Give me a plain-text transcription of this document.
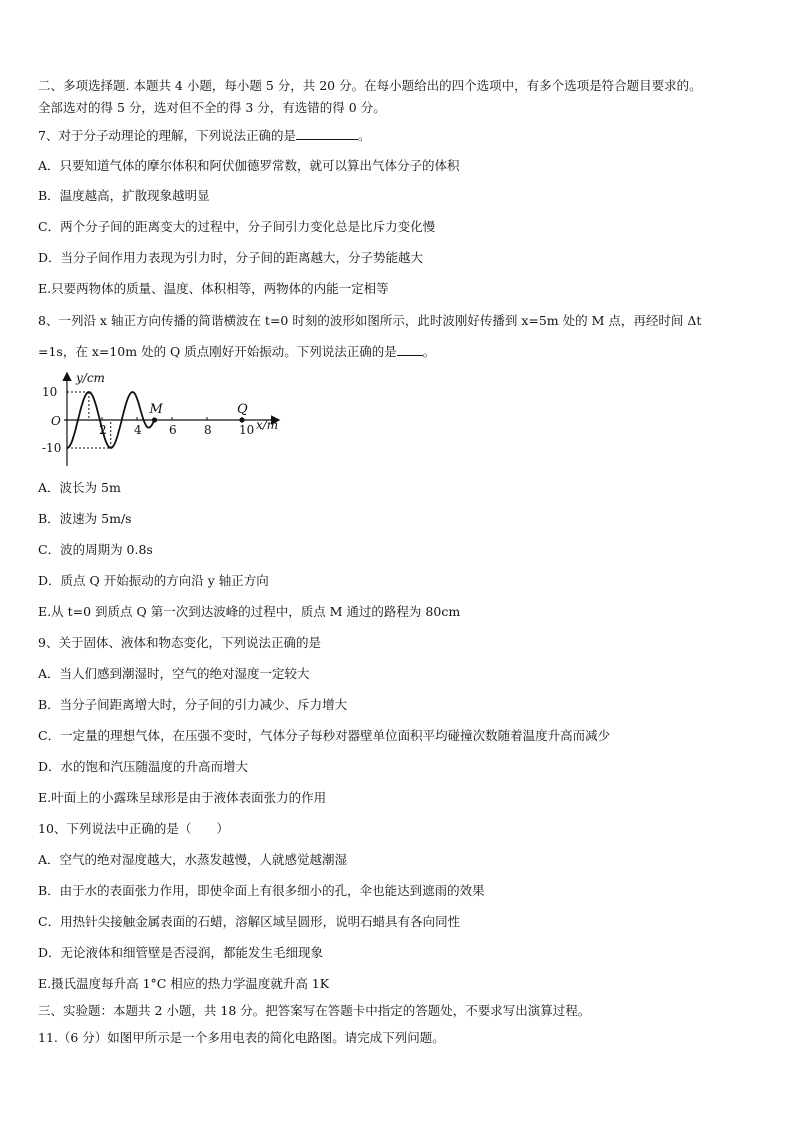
二、多项选择题. 本题共 4 小题，每小题 5 分，共 20 分。在每小题给出的四个选项中，有多个选项是符合题目要求的。
全部选对的得 5 分，选对但不全的得 3 分，有选错的得 0 分。
7、对于分子动理论的理解，下列说法正确的是	。
A．只要知道气体的摩尔体积和阿伏伽德罗常数，就可以算出气体分子的体积
B．温度越高，扩散现象越明显
C．两个分子间的距离变大的过程中，分子间引力变化总是比斥力变化慢
D．当分子间作用力表现为引力时，分子间的距离越大，分子势能越大
E.只要两物体的质量、温度、体积相等，两物体的内能一定相等
8、一列沿 x 轴正方向传播的简谐横波在 t=0 时刻的波形如图所示，此时波刚好传播到 x=5m 处的 M 点，再经时间 Δt
=1s，在 x=10m 处的 Q 质点刚好开始振动。下列说法正确的是 。
2 4 6 8 10
10
-10
M	Q
y/cm
x/m
O
A．波长为 5m
B．波速为 5m/s
C．波的周期为 0.8s
D．质点 Q 开始振动的方向沿 y 轴正方向
E.从 t=0 到质点 Q 第一次到达波峰的过程中，质点 M 通过的路程为 80cm
9、关于固体、液体和物态变化，下列说法正确的是
A．当人们感到潮湿时，空气的绝对湿度一定较大
B．当分子间距离增大时，分子间的引力减少、斥力增大
C．一定量的理想气体，在压强不变时，气体分子每秒对器壁单位面积平均碰撞次数随着温度升高而减少
D．水的饱和汽压随温度的升高而增大
E.叶面上的小露珠呈球形是由于液体表面张力的作用
10、下列说法中正确的是（　　）
A．空气的绝对湿度越大，水蒸发越慢，人就感觉越潮湿
B．由于水的表面张力作用，即使伞面上有很多细小的孔，伞也能达到遮雨的效果
C．用热针尖接触金属表面的石蜡，溶解区域呈圆形，说明石蜡具有各向同性
D．无论液体和细管壁是否浸润，都能发生毛细现象
E.摄氏温度每升高 1°C 相应的热力学温度就升高 1K
三、实验题：本题共 2 小题，共 18 分。把答案写在答题卡中指定的答题处，不要求写出演算过程。
11.（6 分）如图甲所示是一个多用电表的简化电路图。请完成下列问题。
